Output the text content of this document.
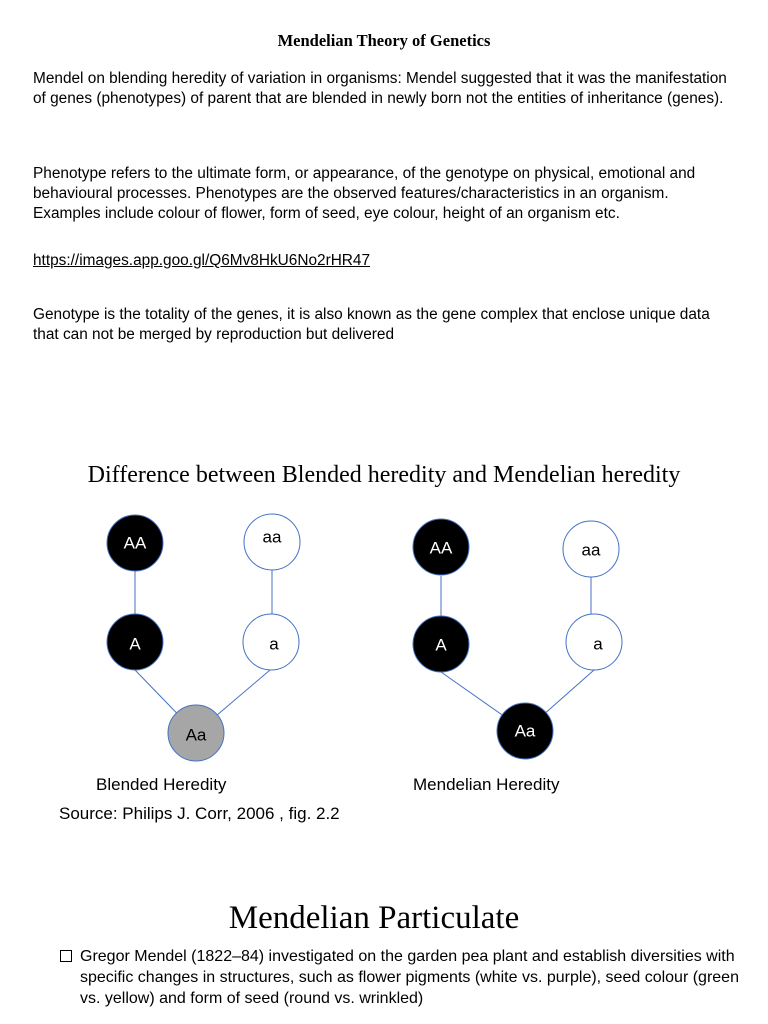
Mendelian Theory of Genetics
Mendel on blending heredity of variation in organisms: Mendel suggested that it was the manifestation of genes (phenotypes) of parent that are blended in newly born not the entities of inheritance (genes).
Phenotype refers to the ultimate form, or appearance, of the genotype on physical, emotional and behavioural processes. Phenotypes are the observed features/characteristics in an organism. Examples include colour of flower, form of seed, eye colour, height of an organism etc.
https://images.app.goo.gl/Q6Mv8HkU6No2rHR47
Genotype is the totality of the genes, it is also known as the gene complex that enclose unique data that can not be merged by reproduction but delivered
Difference between Blended heredity and Mendelian heredity
AA	aa
A	a
Aa
AA	aa
A	a
Aa
Blended Heredity	Mendelian Heredity
Source: Philips J. Corr, 2006 , fig. 2.2
Mendelian Particulate
Gregor Mendel (1822–84) investigated on the garden pea plant and establish diversities with specific changes in structures, such as flower pigments (white vs. purple), seed colour (green vs. yellow) and form of seed (round vs. wrinkled)
